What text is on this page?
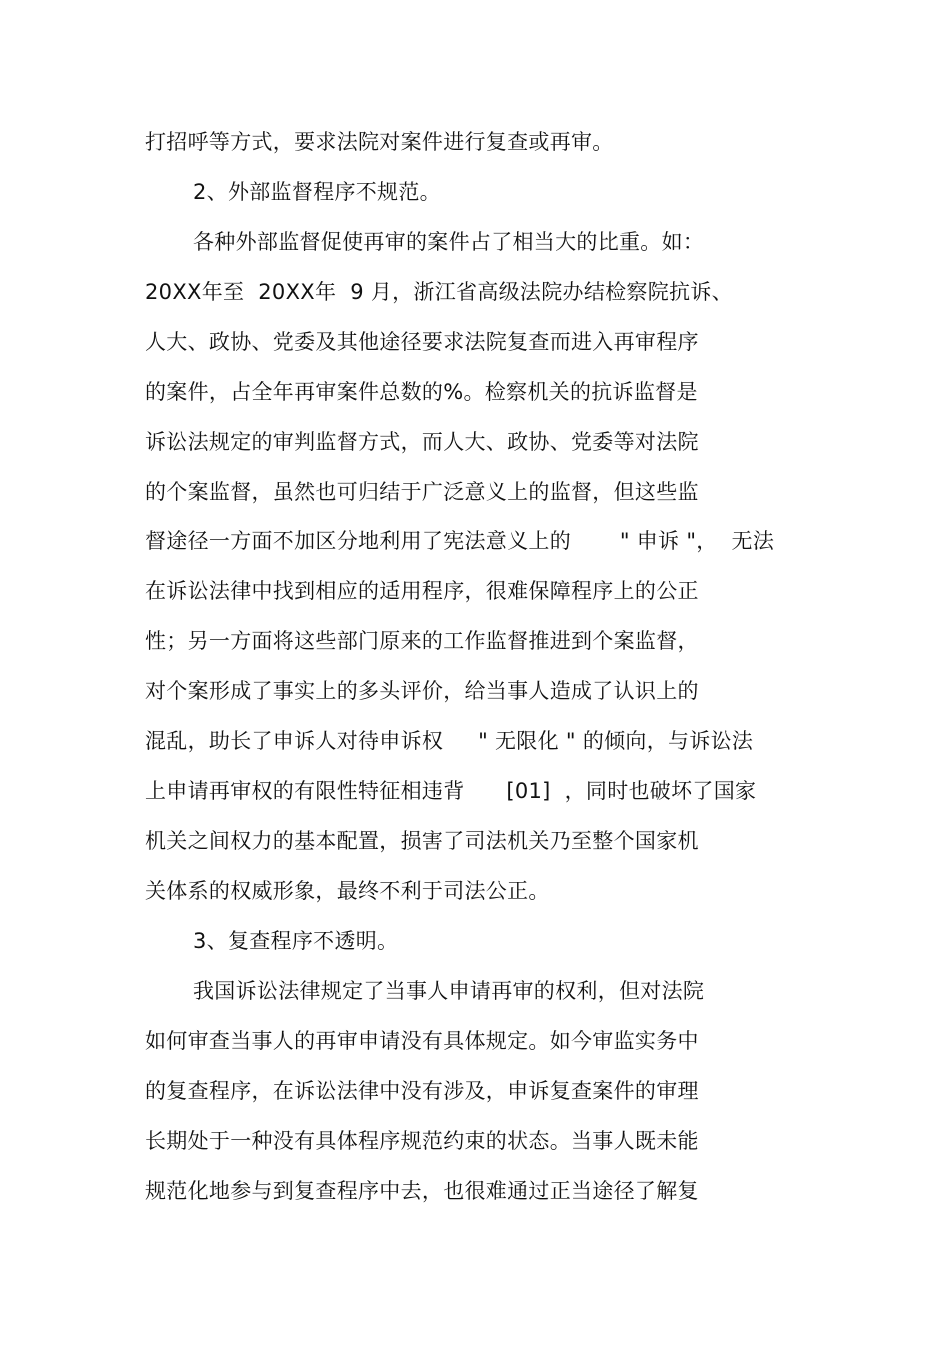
打招呼等方式，要求法院对案件进行复查或再审。
2、外部监督程序不规范。
各种外部监督促使再审的案件占了相当大的比重。如：
20XX年至  20XX年  9 月，浙江省高级法院办结检察院抗诉、
人大、政协、党委及其他途径要求法院复查而进入再审程序
的案件，占全年再审案件总数的%。检察机关的抗诉监督是
诉讼法规定的审判监督方式，而人大、政协、党委等对法院
的个案监督，虽然也可归结于广泛意义上的监督，但这些监
督途径一方面不加区分地利用了宪法意义上的       " 申诉 "，  无法
在诉讼法律中找到相应的适用程序，很难保障程序上的公正
性；另一方面将这些部门原来的工作监督推进到个案监督，
对个案形成了事实上的多头评价，给当事人造成了认识上的
混乱，助长了申诉人对待申诉权     " 无限化 " 的倾向，与诉讼法
上申请再审权的有限性特征相违背      [01]  ，同时也破坏了国家
机关之间权力的基本配置，损害了司法机关乃至整个国家机
关体系的权威形象，最终不利于司法公正。
3、复查程序不透明。
我国诉讼法律规定了当事人申请再审的权利，但对法院
如何审查当事人的再审申请没有具体规定。如今审监实务中
的复查程序，在诉讼法律中没有涉及，申诉复查案件的审理
长期处于一种没有具体程序规范约束的状态。当事人既未能
规范化地参与到复查程序中去，也很难通过正当途径了解复
